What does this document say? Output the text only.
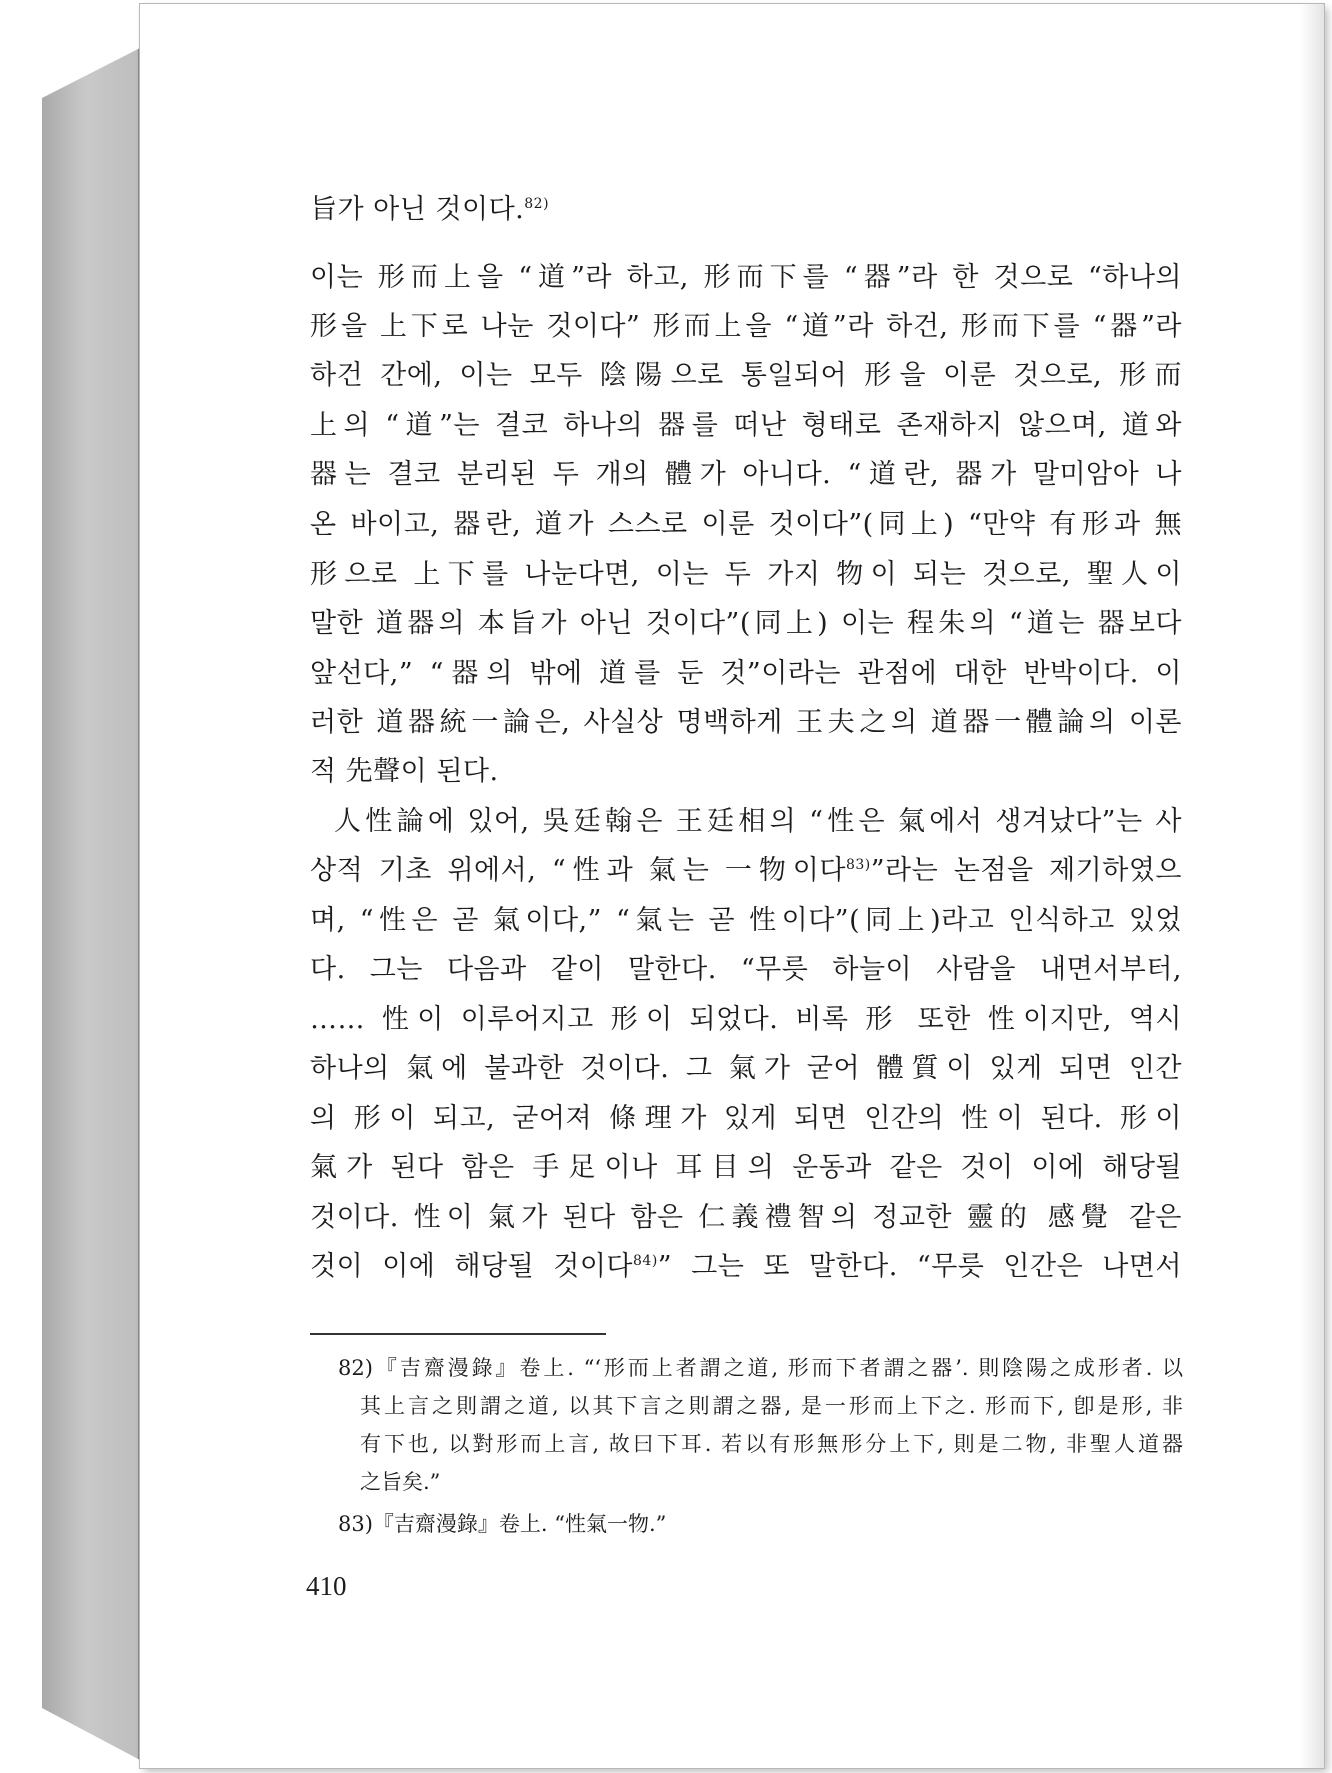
旨가 아닌 것이다.$^{82)}$
이는 形而上을 “道”라 하고, 形而下를 “器”라 한 것으로 “하나의
形을 上下로 나눈 것이다” 形而上을 “道”라 하건, 形而下를 “器”라
하건 간에, 이는 모두 陰陽으로 통일되어 形을 이룬 것으로, 形而
上의 “道”는 결코 하나의 器를 떠난 형태로 존재하지 않으며, 道와
器는 결코 분리된 두 개의 體가 아니다. “道란, 器가 말미암아 나
온 바이고, 器란, 道가 스스로 이룬 것이다”(同上) “만약 有形과 無
形으로 上下를 나눈다면, 이는 두 가지 物이 되는 것으로, 聖人이
말한 道器의 本旨가 아닌 것이다”(同上) 이는 程朱의 “道는 器보다
앞선다,” “器의 밖에 道를 둔 것”이라는 관점에 대한 반박이다. 이
러한 道器統一論은, 사실상 명백하게 王夫之의 道器一體論의 이론
적 先聲이 된다.
人性論에 있어, 吳廷翰은 王廷相의 “性은 氣에서 생겨났다”는 사
상적 기초 위에서, “性과 氣는 一物이다$^{83)}$”라는 논점을 제기하였으
며, “性은 곧 氣이다,” “氣는 곧 性이다”(同上)라고 인식하고 있었
다. 그는 다음과 같이 말한다. “무릇 하늘이 사람을 내면서부터,
…… 性이 이루어지고 形이 되었다. 비록 形 또한 性이지만, 역시
하나의 氣에 불과한 것이다. 그 氣가 굳어 體質이 있게 되면 인간
의 形이 되고, 굳어져 條理가 있게 되면 인간의 性이 된다. 形이
氣가 된다 함은 手足이나 耳目의 운동과 같은 것이 이에 해당될
것이다. 性이 氣가 된다 함은 仁義禮智의 정교한 靈的 感覺 같은
것이 이에 해당될 것이다$^{84)}$” 그는 또 말한다. “무릇 인간은 나면서
82)『吉齋漫錄』卷上. “‘形而上者謂之道, 形而下者謂之器’. 則陰陽之成形者. 以
其上言之則謂之道, 以其下言之則謂之器, 是一形而上下之. 形而下, 卽是形, 非
有下也, 以對形而上言, 故曰下耳. 若以有形無形分上下, 則是二物, 非聖人道器
之旨矣.”
83)『吉齋漫錄』卷上. “性氣一物.”
410
